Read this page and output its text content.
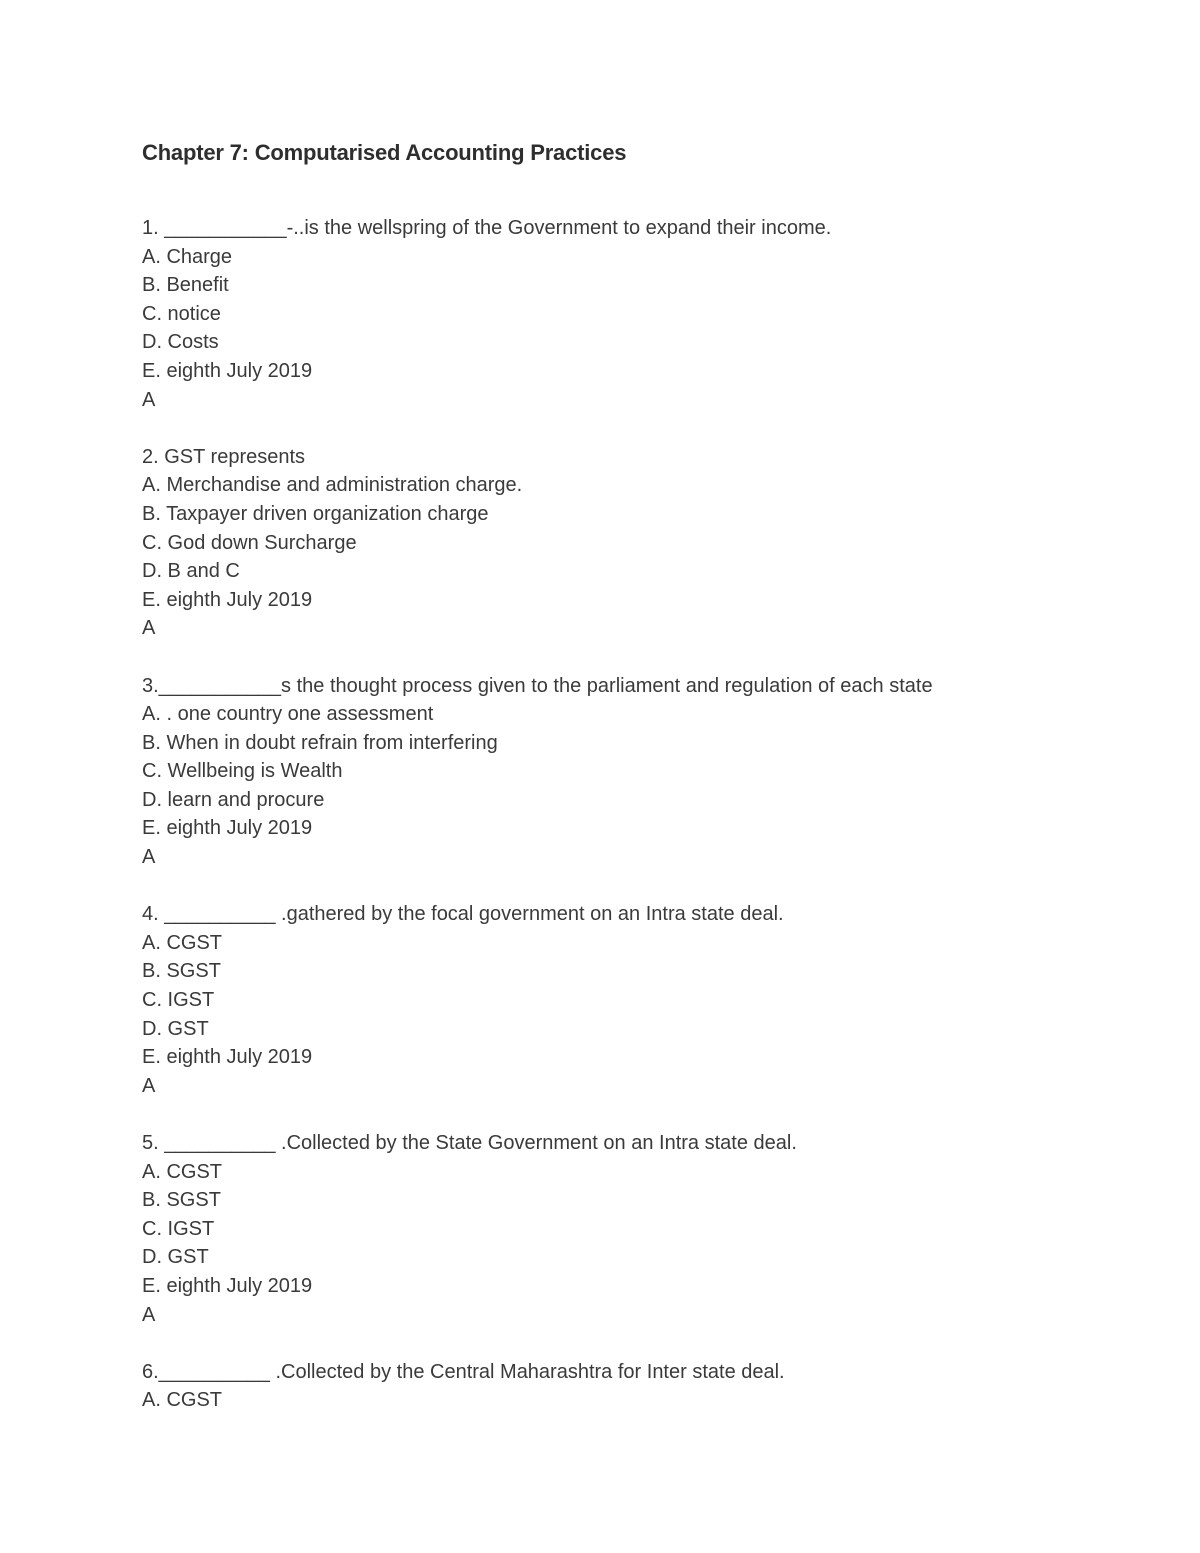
Chapter 7: Computarised Accounting Practices
1. ___________-..is the wellspring of the Government to expand their income.
A. Charge
B. Benefit
C. notice
D. Costs
E. eighth July 2019
A
2. GST represents
A. Merchandise and administration charge.
B. Taxpayer driven organization charge
C. God down Surcharge
D. B and C
E. eighth July 2019
A
3.___________s the thought process given to the parliament and regulation of each state
A. . one country one assessment
B. When in doubt refrain from interfering
C. Wellbeing is Wealth
D. learn and procure
E. eighth July 2019
A
4. __________ .gathered by the focal government on an Intra state deal.
A. CGST
B. SGST
C. IGST
D. GST
E. eighth July 2019
A
5. __________ .Collected by the State Government on an Intra state deal.
A. CGST
B. SGST
C. IGST
D. GST
E. eighth July 2019
A
6.__________ .Collected by the Central Maharashtra for Inter state deal.
A. CGST
